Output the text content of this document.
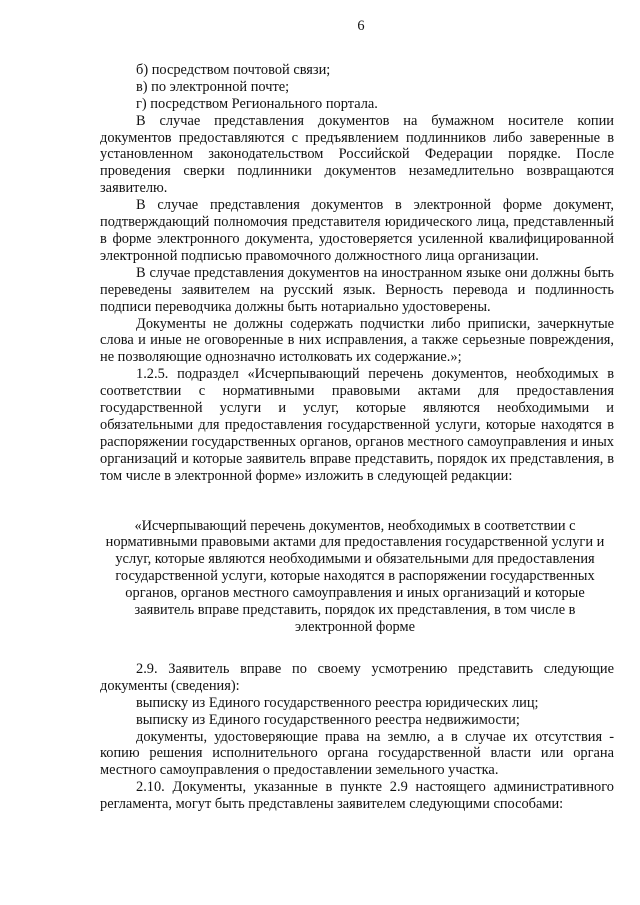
6

б) посредством почтовой связи;

в) по электронной почте;

г) посредством Регионального портала.

В случае представления документов на бумажном носителе копии документов предоставляются с предъявлением подлинников либо заверенные в установленном законодательством Российской Федерации порядке. После проведения сверки подлинники документов незамедлительно возвращаются заявителю.

В случае представления документов в электронной форме документ, подтверждающий полномочия представителя юридического лица, представленный в форме электронного документа, удостоверяется усиленной квалифицированной электронной подписью правомочного должностного лица организации.

В случае представления документов на иностранном языке они должны быть переведены заявителем на русский язык. Верность перевода и подлинность подписи переводчика должны быть нотариально удостоверены.

Документы не должны содержать подчистки либо приписки, зачеркнутые слова и иные не оговоренные в них исправления, а также серьезные повреждения, не позволяющие однозначно истолковать их содержание.»;

1.2.5. подраздел «Исчерпывающий перечень документов, необходимых в соответствии с нормативными правовыми актами для предоставления государственной услуги и услуг, которые являются необходимыми и обязательными для предоставления государственной услуги, которые находятся в распоряжении государственных органов, органов местного самоуправления и иных организаций и которые заявитель вправе представить, порядок их представления, в том числе в электронной форме» изложить в следующей редакции:

«Исчерпывающий перечень документов, необходимых в соответствии с нормативными правовыми актами для предоставления государственной услуги и услуг, которые являются необходимыми и обязательными для предоставления государственной услуги, которые находятся в распоряжении государственных органов, органов местного самоуправления и иных организаций и которые заявитель вправе представить, порядок их представления, в том числе в электронной форме

2.9. Заявитель вправе по своему усмотрению представить следующие документы (сведения):

выписку из Единого государственного реестра юридических лиц;

выписку из Единого государственного реестра недвижимости;

документы, удостоверяющие права на землю, а в случае их отсутствия - копию решения исполнительного органа государственной власти или органа местного самоуправления о предоставлении земельного участка.

2.10. Документы, указанные в пункте 2.9 настоящего административного регламента, могут быть представлены заявителем следующими способами:
